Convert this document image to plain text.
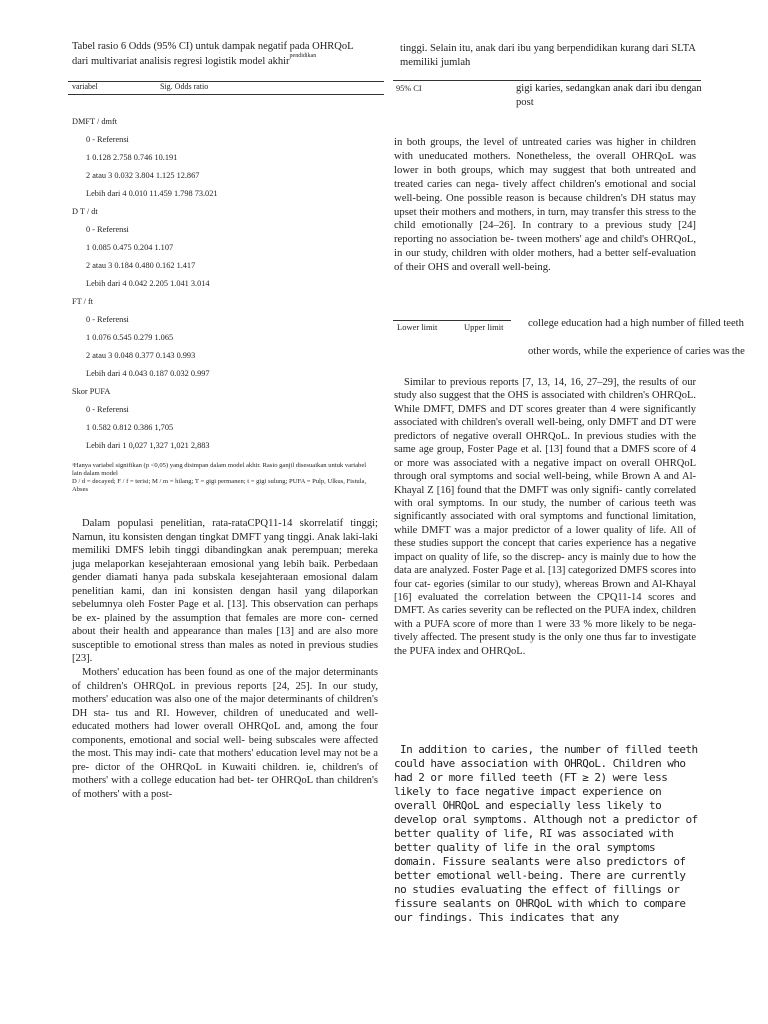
Tabel rasio 6 Odds (95% CI) untuk dampak negatif pada OHRQoL
dari multivariat analisis regresi logistik model akhir$^{pendidikan}$
variabel	Sig. Odds ratio
DMFT / dmft
0 - Referensi
1 0.128 2.758 0.746 10.191
2 atau 3 0.032 3.804 1.125 12.867
Lebih dari 4 0.010 11.459 1.798 73.021
D T / dt
0 - Referensi
1 0.085 0.475 0.204 1.107
2 atau 3 0.184 0.480 0.162 1.417
Lebih dari 4 0.042 2.205 1.041 3.014
FT / ft
0 - Referensi
1 0.076 0.545 0.279 1.065
2 atau 3 0.048 0.377 0.143 0.993
Lebih dari 4 0.043 0.187 0.032 0.997
Skor PUFA
0 - Referensi
1 0.582 0.812 0.386 1,705
Lebih dari 1 0,027 1,327 1,021 2,883
ᵃHanya variabel signifikan (p <0,05) yang disimpan dalam model akhir. Rasio ganjil disesuaikan untuk variabel lain dalam model
D / d = decayed; F / f = terisi; M / m = hilang; T = gigi permanen; t = gigi sulung; PUFA = Pulp, Ulkus, Fistula, Abses

Dalam populasi penelitian, rata-rataCPQ11-14 skorrelatif tinggi; Namun, itu konsisten dengan tingkat DMFT yang tinggi. Anak laki-laki memiliki DMFS lebih tinggi dibandingkan anak perempuan; mereka juga melaporkan kesejahteraan emosional yang lebih baik. Perbedaan gender diamati hanya pada subskala kesejahteraan emosional dalam penelitian kami, dan ini konsisten dengan hasil yang dilaporkan sebelumnya oleh Foster Page et al. [13]. This observation can perhaps be ex- plained by the assumption that females are more con- cerned about their health and appearance than males [13] and are also more susceptible to emotional stress than males as noted in previous studies [23].

Mothers' education has been found as one of the major determinants of children's OHRQoL in previous reports [24, 25]. In our study, mothers' education was also one of the major determinants of children's DH sta- tus and RI. However, children of uneducated and well- educated mothers had lower overall OHRQoL and, among the four components, emotional and social well- being subscales were affected the most. This may indi- cate that mothers' education level may not be a pre- dictor of the OHRQoL in Kuwaiti children. ie, children's of mothers' with a college education had bet- ter OHRQoL than children's of mothers' with a post-

tinggi. Selain itu, anak dari ibu yang berpendidikan kurang dari SLTA memiliki jumlah
95% CI	gigi karies, sedangkan anak dari ibu dengan post

in both groups, the level of untreated caries was higher in children with uneducated mothers. Nonetheless, the overall OHRQoL was lower in both groups, which may suggest that both untreated and treated caries can nega- tively affect children's emotional and social well-being. One possible reason is because children's DH status may upset their mothers and mothers, in turn, may transfer this stress to the child emotionally [24–26]. In contrary to a previous study [24] reporting no association be- tween mothers' age and child's OHRQoL, in our study, children with older mothers, had a better self-evaluation of their OHS and overall well-being.

Lower limit	Upper limit	college education had a high number of filled teeth
other words, while the experience of caries was the

Similar to previous reports [7, 13, 14, 16, 27–29], the results of our study also suggest that the OHS is associated with children's OHRQoL. While DMFT, DMFS and DT scores greater than 4 were significantly associated with children's overall well-being, only DMFT and DT were predictors of negative overall OHRQoL. In previous studies with the same age group, Foster Page et al. [13] found that a DMFS score of 4 or more was associated with a negative impact on overall OHRQoL through oral symptoms and social well-being, while Brown A and Al- Khayal Z [16] found that the DMFT was only signifi- cantly correlated with oral symptoms. In our study, the number of carious teeth was significantly associated with oral symptoms and functional limitation, while DMFT was a major predictor of a lower quality of life. All of these studies support the concept that caries experience has a negative impact on quality of life, so the discrep- ancy is mainly due to how the data are analyzed. Foster Page et al. [13] categorized DMFS scores into four cat- egories (similar to our study), whereas Brown and Al-Khayal [16] evaluated the correlation between the CPQ11-14 scores and DMFT. As caries severity can be reflected on the PUFA index, children with a PUFA score of more than 1 were 33 % more likely to be nega- tively affected. The present study is the only one thus far to investigate the PUFA index and OHRQoL.

In addition to caries, the number of filled teeth could have association with OHRQoL. Children who had 2 or more filled teeth (FT ≥ 2) were less likely to face negative impact experience on overall OHRQoL and especially less likely to develop oral symptoms. Although not a predictor of better quality of life, RI was associated with better quality of life in the oral symptoms domain. Fissure sealants were also predictors of better emotional well-being. There are currently no studies evaluating the effect of fillings or fissure sealants on OHRQoL with which to compare our findings. This indicates that any
